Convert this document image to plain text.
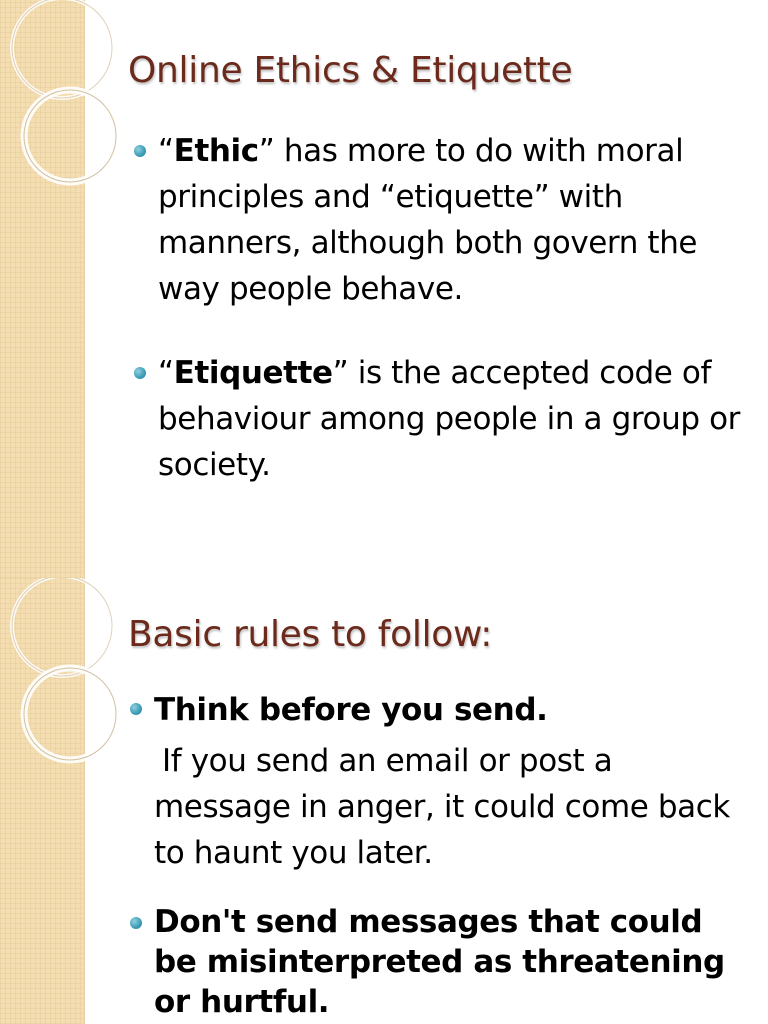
Online Ethics & Etiquette
“Ethic” has more to do with moral principles and “etiquette” with manners, although both govern the way people behave.
“Etiquette” is the accepted code of behaviour among people in a group or society.
Basic rules to follow:
Think before you send.
If you send an email or post a message in anger, it could come back to haunt you later.
Don't send messages that could be misinterpreted as threatening or hurtful.
